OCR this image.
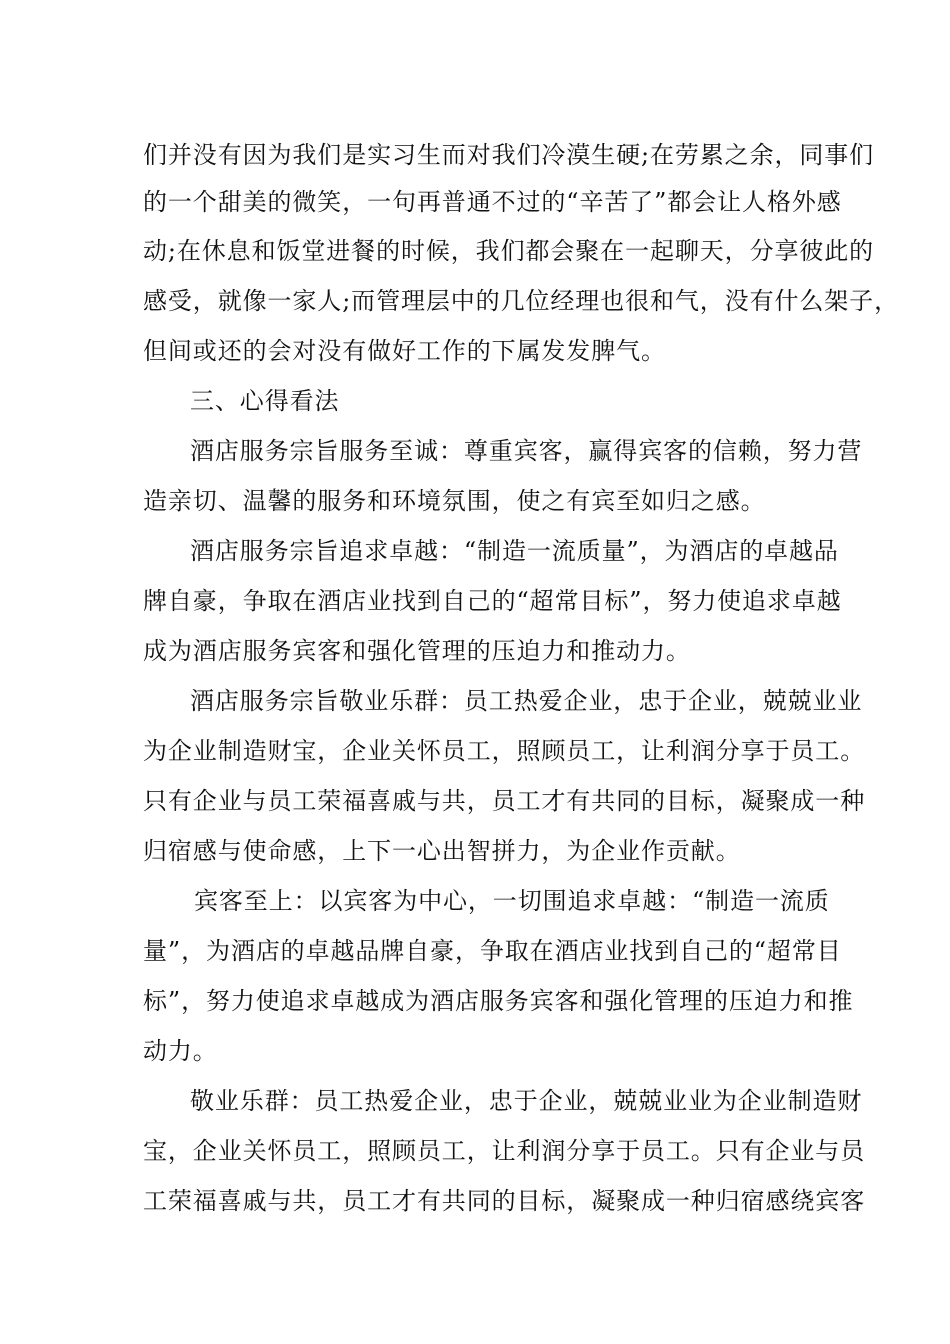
们并没有因为我们是实习生而对我们冷漠生硬;在劳累之余，同事们
的一个甜美的微笑，一句再普通不过的“辛苦了”都会让人格外感
动;在休息和饭堂进餐的时候，我们都会聚在一起聊天，分享彼此的
感受，就像一家人;而管理层中的几位经理也很和气，没有什么架子，
但间或还的会对没有做好工作的下属发发脾气。
三、心得看法
酒店服务宗旨服务至诚：尊重宾客，赢得宾客的信赖，努力营
造亲切、温馨的服务和环境氛围，使之有宾至如归之感。
酒店服务宗旨追求卓越：“制造一流质量”，为酒店的卓越品
牌自豪，争取在酒店业找到自己的“超常目标”，努力使追求卓越
成为酒店服务宾客和强化管理的压迫力和推动力。
酒店服务宗旨敬业乐群：员工热爱企业，忠于企业，兢兢业业
为企业制造财宝，企业关怀员工，照顾员工，让利润分享于员工。
只有企业与员工荣福喜戚与共，员工才有共同的目标，凝聚成一种
归宿感与使命感，上下一心出智拼力，为企业作贡献。
宾客至上：以宾客为中心，一切围追求卓越：“制造一流质
量”，为酒店的卓越品牌自豪，争取在酒店业找到自己的“超常目
标”，努力使追求卓越成为酒店服务宾客和强化管理的压迫力和推
动力。
敬业乐群：员工热爱企业，忠于企业，兢兢业业为企业制造财
宝，企业关怀员工，照顾员工，让利润分享于员工。只有企业与员
工荣福喜戚与共，员工才有共同的目标，凝聚成一种归宿感绕宾客
